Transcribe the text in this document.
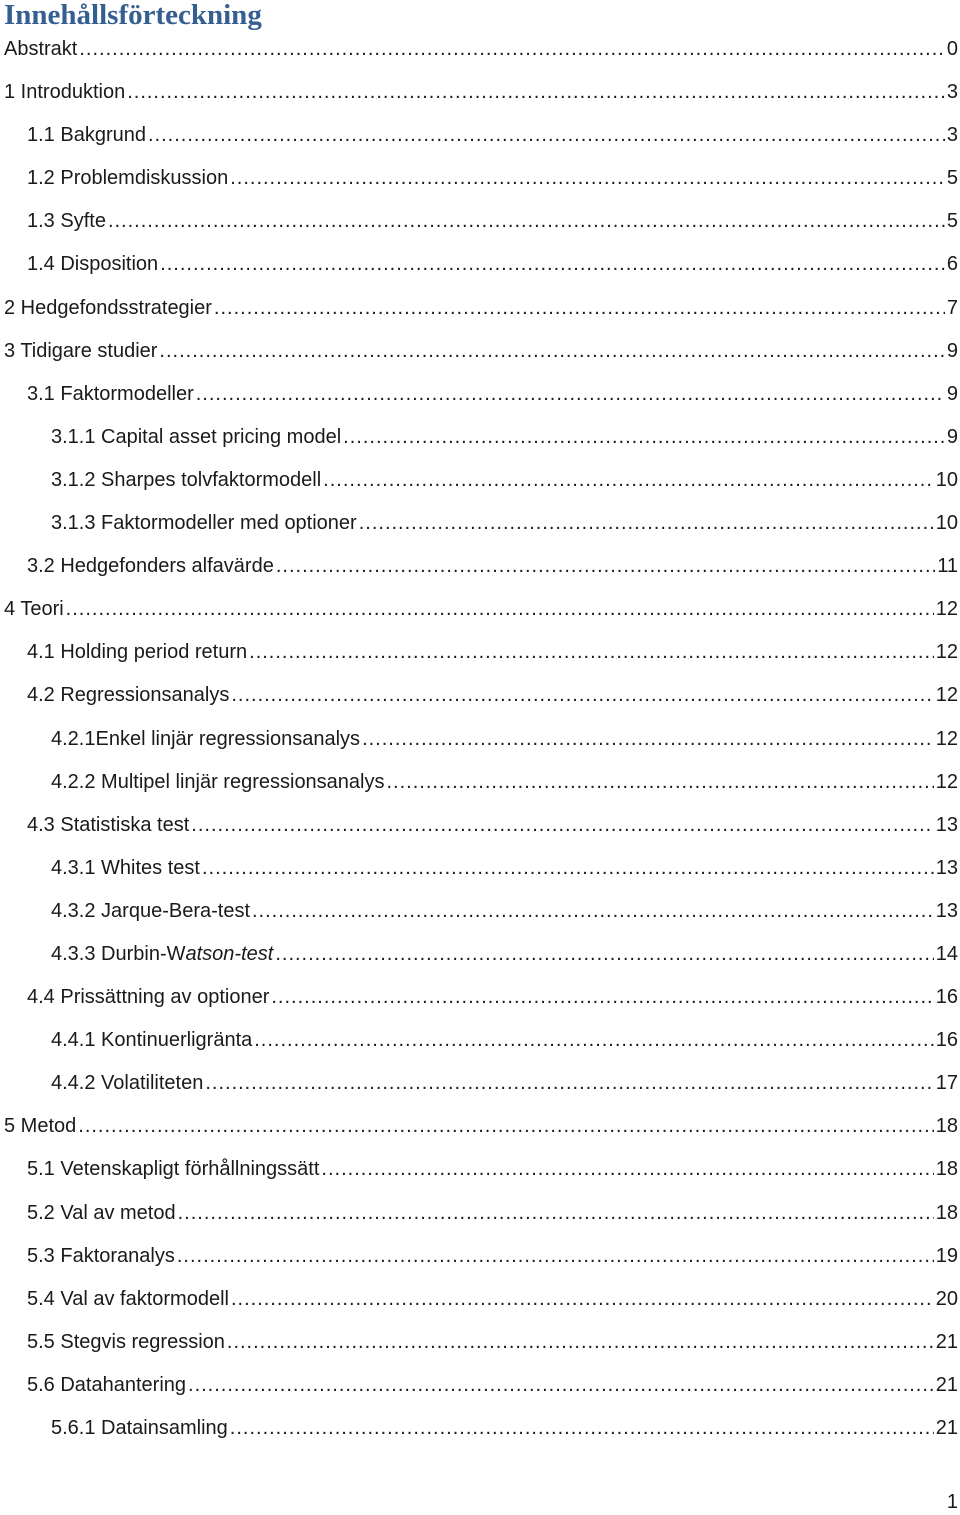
Innehållsförteckning
Abstrakt .....	0
1 Introduktion .....	3
1.1 Bakgrund .....	3
1.2 Problemdiskussion .....	5
1.3 Syfte .....	5
1.4 Disposition .....	6
2 Hedgefondsstrategier .....	7
3 Tidigare studier .....	9
3.1 Faktormodeller .....	9
3.1.1 Capital asset pricing model .....	9
3.1.2 Sharpes tolvfaktormodell .....	10
3.1.3 Faktormodeller med optioner .....	10
3.2 Hedgefonders alfavärde .....	11
4 Teori .....	12
4.1 Holding period return .....	12
4.2 Regressionsanalys .....	12
4.2.1Enkel linjär regressionsanalys .....	12
4.2.2 Multipel linjär regressionsanalys .....	12
4.3 Statistiska test .....	13
4.3.1 Whites test .....	13
4.3.2 Jarque-Bera-test .....	13
4.3.3 Durbin-Watson-test .....	14
4.4 Prissättning av optioner .....	16
4.4.1 Kontinuerligränta .....	16
4.4.2 Volatiliteten .....	17
5 Metod .....	18
5.1 Vetenskapligt förhållningssätt .....	18
5.2 Val av metod .....	18
5.3 Faktoranalys .....	19
5.4 Val av faktormodell .....	20
5.5 Stegvis regression .....	21
5.6 Datahantering .....	21
5.6.1 Datainsamling .....	21
1
